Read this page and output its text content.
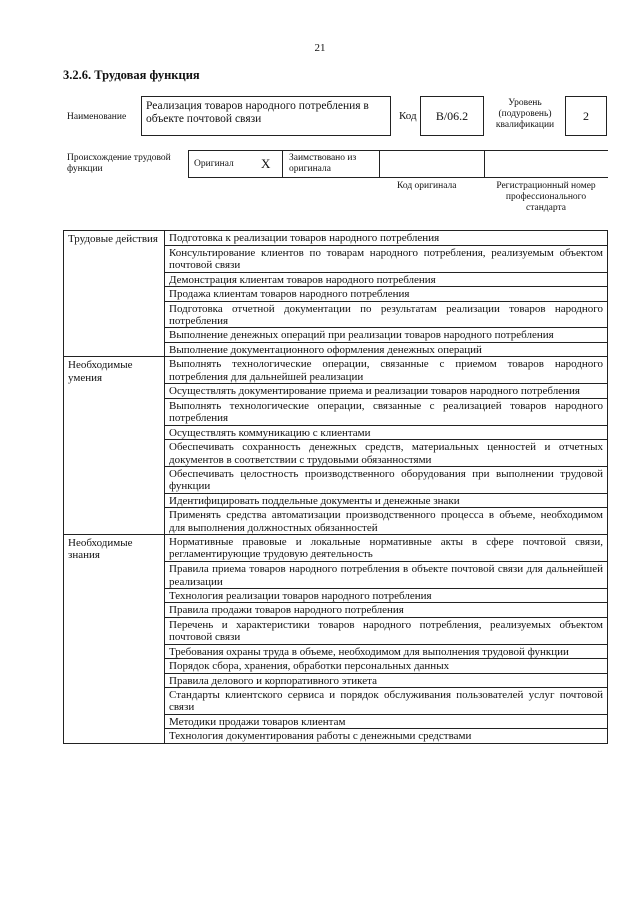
21
3.2.6. Трудовая функция
Наименование
Реализация товаров народного потребления в объекте почтовой связи	Код B/06.2
Уровень (подуровень) квалификации
2
Происхождение трудовой функции	Оригинал X Заимствовано из оригинала
Код оригинала	Регистрационный номер профессионального стандарта
Трудовые действия	Подготовка к реализации товаров народного потребления
	Консультирование клиентов по товарам народного потребления, реализуемым объектом почтовой связи
	Демонстрация клиентам товаров народного потребления
	Продажа клиентам товаров народного потребления
	Подготовка отчетной документации по результатам реализации товаров народного потребления
	Выполнение денежных операций при реализации товаров народного потребления
	Выполнение документационного оформления денежных операций
Необходимые умения	Выполнять технологические операции, связанные с приемом товаров народного потребления для дальнейшей реализации
	Осуществлять документирование приема и реализации товаров народного потребления
	Выполнять технологические операции, связанные с реализацией товаров народного потребления
	Осуществлять коммуникацию с клиентами
	Обеспечивать сохранность денежных средств, материальных ценностей и отчетных документов в соответствии с трудовыми обязанностями
	Обеспечивать целостность производственного оборудования при выполнении трудовой функции
	Идентифицировать поддельные документы и денежные знаки
	Применять средства автоматизации производственного процесса в объеме, необходимом для выполнения должностных обязанностей
Необходимые знания	Нормативные правовые и локальные нормативные акты в сфере почтовой связи, регламентирующие трудовую деятельность
	Правила приема товаров народного потребления в объекте почтовой связи для дальнейшей реализации
	Технология реализации товаров народного потребления
	Правила продажи товаров народного потребления
	Перечень и характеристики товаров народного потребления, реализуемых объектом почтовой связи
	Требования охраны труда в объеме, необходимом для выполнения трудовой функции
	Порядок сбора, хранения, обработки персональных данных
	Правила делового и корпоративного этикета
	Стандарты клиентского сервиса и порядок обслуживания пользователей услуг почтовой связи
	Методики продажи товаров клиентам
	Технология документирования работы с денежными средствами
